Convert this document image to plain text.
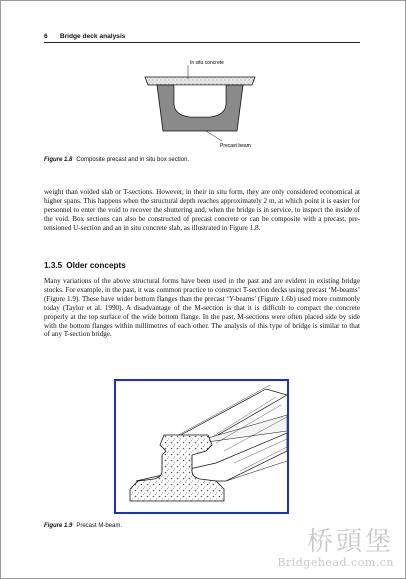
6 Bridge deck analysis
In situ concrete
Precast beam
Figure 1.8 Composite precast and in situ box section.

weight than voided slab or T-sections. However, in their in situ form, they are only considered economical at higher spans. This happens when the structural depth reaches approximately 2 m, at which point it is easier for personnel to enter the void to recover the shuttering and, when the bridge is in service, to inspect the inside of the void. Box sections can also be constructed of precast concrete or can be composite with a precast, pre-tensioned U-section and an in situ concrete slab, as illustrated in Figure 1.8.

1.3.5 Older concepts

Many variations of the above structural forms have been used in the past and are evident in existing bridge stocks. For example, in the past, it was common practice to construct T-section decks using precast ‘M-beams’ (Figure 1.9). These have wider bottom flanges than the precast ‘Y-beams’ (Figure 1.6b) used more commonly today (Taylor et al. 1990). A disadvantage of the M-section is that it is difficult to compact the concrete properly at the top surface of the wide bottom flange. In the past, M-sections were often placed side by side with the bottom flanges within millimetres of each other. The analysis of this type of bridge is similar to that of any T-section bridge.

Figure 1.9 Precast M-beam.
桥頭堡
Bridgehead.com.cn
